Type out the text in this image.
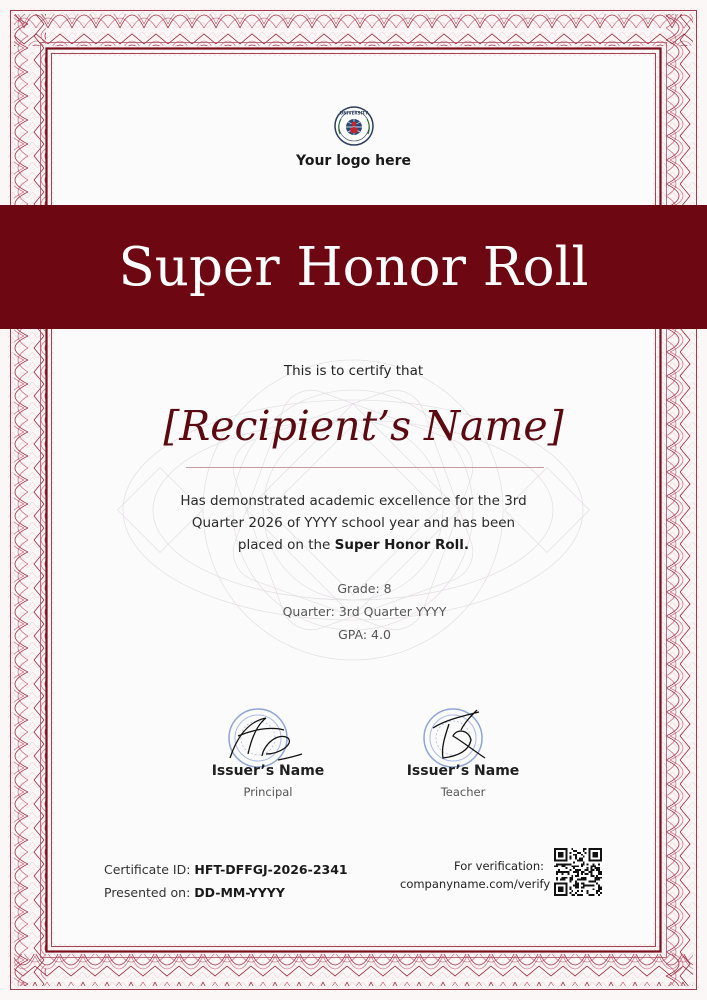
UNIVERSITY
Your logo here
Super Honor Roll
This is to certify that
[Recipient’s Name]
Has demonstrated academic excellence for the 3rd Quarter 2026 of YYYY school year and has been placed on the Super Honor Roll.
Grade: 8
Quarter: 3rd Quarter YYYY
GPA: 4.0
Issuer’s Name
Principal
Issuer’s Name
Teacher
Certificate ID: HFT-DFFGJ-2026-2341
Presented on: DD-MM-YYYY
For verification:
companyname.com/verify
